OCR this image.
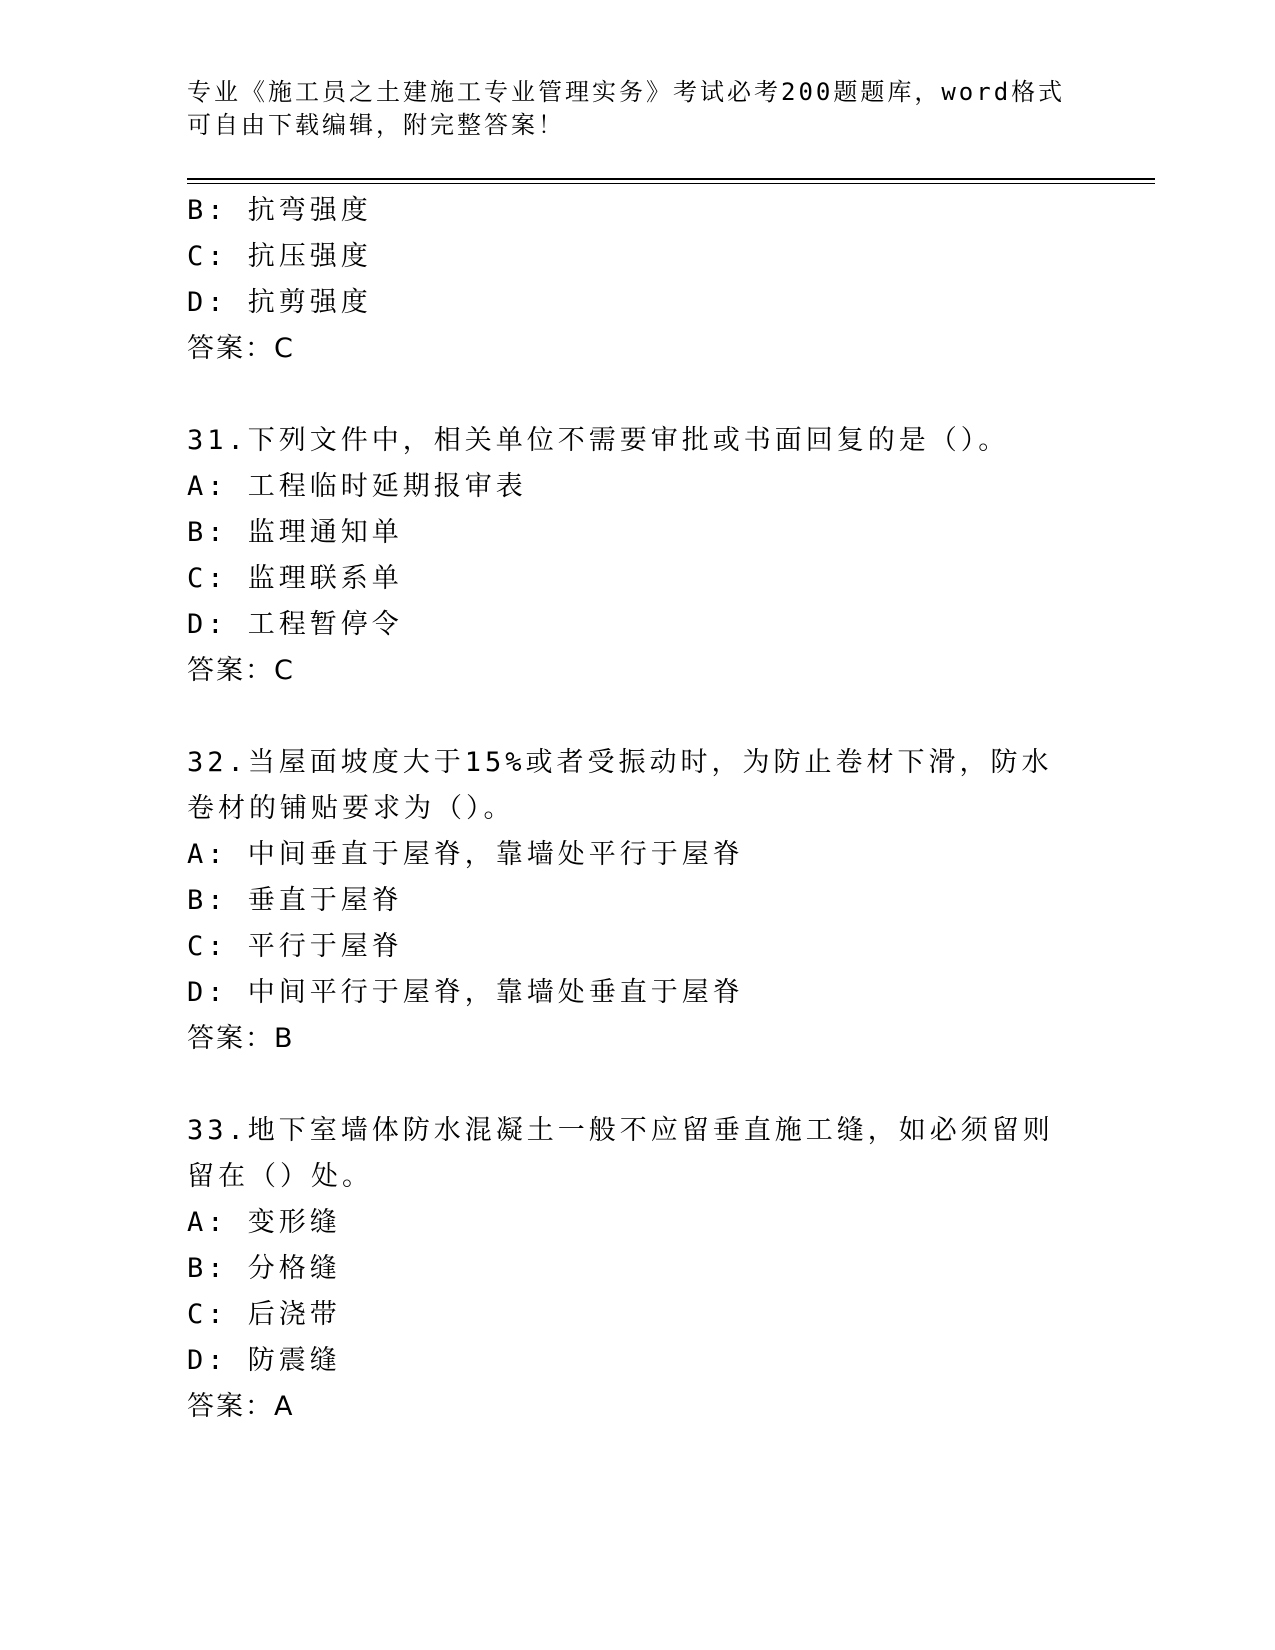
专业《施工员之土建施工专业管理实务》考试必考200题题库，word格式可自由下载编辑，附完整答案！
B: 抗弯强度
C: 抗压强度
D: 抗剪强度
答案：C
31.下列文件中，相关单位不需要审批或书面回复的是（）。
A: 工程临时延期报审表
B: 监理通知单
C: 监理联系单
D: 工程暂停令
答案：C
32.当屋面坡度大于15%或者受振动时，为防止卷材下滑，防水卷材的铺贴要求为（）。
A: 中间垂直于屋脊，靠墙处平行于屋脊
B: 垂直于屋脊
C: 平行于屋脊
D: 中间平行于屋脊，靠墙处垂直于屋脊
答案：B
33.地下室墙体防水混凝土一般不应留垂直施工缝，如必须留则留在（）处。
A: 变形缝
B: 分格缝
C: 后浇带
D: 防震缝
答案：A
